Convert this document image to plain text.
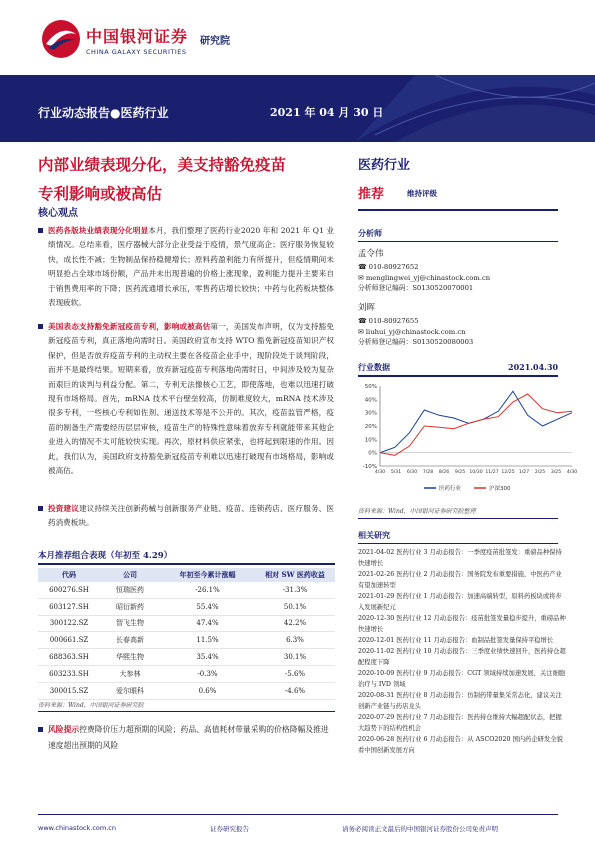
中国银河证券
CHINA GALAXY SECURITIES
研究院
行业动态报告●医药行业	2021 年 04 月 30 日
内部业绩表现分化，美支持豁免疫苗
专利影响或被高估
核心观点
医药各版块业绩表现分化明显本月，我们整理了医药行业2020 年和 2021 年 Q1 业绩情况。总结来看，医疗器械大部分企业受益于疫情，景气度高企；医疗服务恢复较快，成长性不减；生物制品保持稳健增长；原料药盈利能力有所提升，但疫情期间未明显抢占全球市场份额，产品并未出现普遍的价格上涨现象，盈利能力提升主要来自于销售费用率的下降；医药流通增长承压，零售药店增长较快；中药与化药板块整体表现疲软。
美国表态支持豁免新冠疫苗专利，影响或被高估第一，美国发布声明，仅为支持豁免新冠疫苗专利，真正落地尚需时日。美国政府宣布支持 WTO 豁免新冠疫苗知识产权保护，但是否放弃疫苗专利的主动权主要在各疫苗企业手中，现阶段处于谈判阶段，而并不是最终结果。短期来看，放弃新冠疫苗专利落地尚需时日，中间涉及较为复杂而艰巨的谈判与利益分配。第二，专利无法像核心工艺，即使落地，也难以迅速打破现有市场格局。首先，mRNA 技术平台壁垒较高，仿制难度较大，mRNA 技术涉及很多专利，一些核心专利如佐剂、递送技术等是不公开的。其次，疫苗监管严格，疫苗的制备生产需要经历层层审核，疫苗生产的特殊性意味着放弃专利就能带来其他企业进入的情况不太可能较快实现。再次，原材料供应紧张，也将起到限速的作用。因此，我们认为，美国政府支持豁免新冠疫苗专利难以迅速打破现有市场格局，影响或被高估。
投资建议建议持续关注创新药械与创新服务产业链、疫苗、连锁药店、医疗服务、医药消费板块。
本月推荐组合表现（年初至 4.29）
代码	公司	年初至今累计涨幅	相对 SW 医药收益
600276.SH	恒瑞医药	-26.1%	-31.3%
603127.SH	昭衍新药	55.4%	50.1%
300122.SZ	智飞生物	47.4%	42.2%
000661.SZ	长春高新	11.5%	6.3%
688363.SH	华熙生物	35.4%	30.1%
603233.SH	大参林	-0.3%	-5.6%
300015.SZ	爱尔眼科	0.6%	-4.6%
资料来源：Wind，中国银河证券研究院
风险提示控费降价压力超预期的风险；药品、高值耗材带量采购的价格降幅及推进速度超出预期的风险
医药行业
推荐	维持评级
分析师
孟令伟
☎ 010-80927652
✉ menglingwei_yj@chinastock.com.cn
分析师登记编码：S0130520070001
刘晖
☎ 010-80927655
✉ liuhui_yj@chinastock.com.cn
分析师登记编码：S0130520080003
行业数据	2021.04.30
-10%
0%
10%
20%
30%
40%
50%
4/30 5/31 6/30 7/28 8/26 9/25 10/30 11/27 12/25 1/27 2/25 3/25 4/30
医药行业	沪深300
资料来源：Wind，中国银河证券研究院整理
相关研究
2021-04-02 医药行业 3 月动态报告：一季度疫苗批签发：重磅品种保持快速增长
2021-02-26 医药行业 2 月动态报告：国务院发布重要措施，中医药产业有望加速转型
2021-01-29 医药行业 1 月动态报告：加速高端转型，原料药板块或将步入发展新纪元
2020-12-30 医药行业 12 月动态报告：疫苗批签发量稳步提升，重磅品种快速增长
2020-12-01 医药行业 11 月动态报告：血制品批签发量保持平稳增长
2020-11-02 医药行业 10 月动态报告：三季度业绩快速回升，医药持仓超配程度下降
2020-10-09 医药行业 9 月动态报告：CGT 领域持续加速发展，关注细胞治疗与 IVD 领域
2020-08-31 医药行业 8 月动态报告：仿制药带量集采常态化，建议关注创新产业链与药店龙头
2020-07-29 医药行业 7 月动态报告：医药持仓维持大幅超配状态，把握大趋势下的结构性机会
2020-06-28 医药行业 6 月动态报告：从 ASCO2020 国内药企研发全貌看中国创新发展方向
www.chinastock.com.cn	证券研究报告	请务必阅读正文最后的中国银河证券股份公司免责声明
